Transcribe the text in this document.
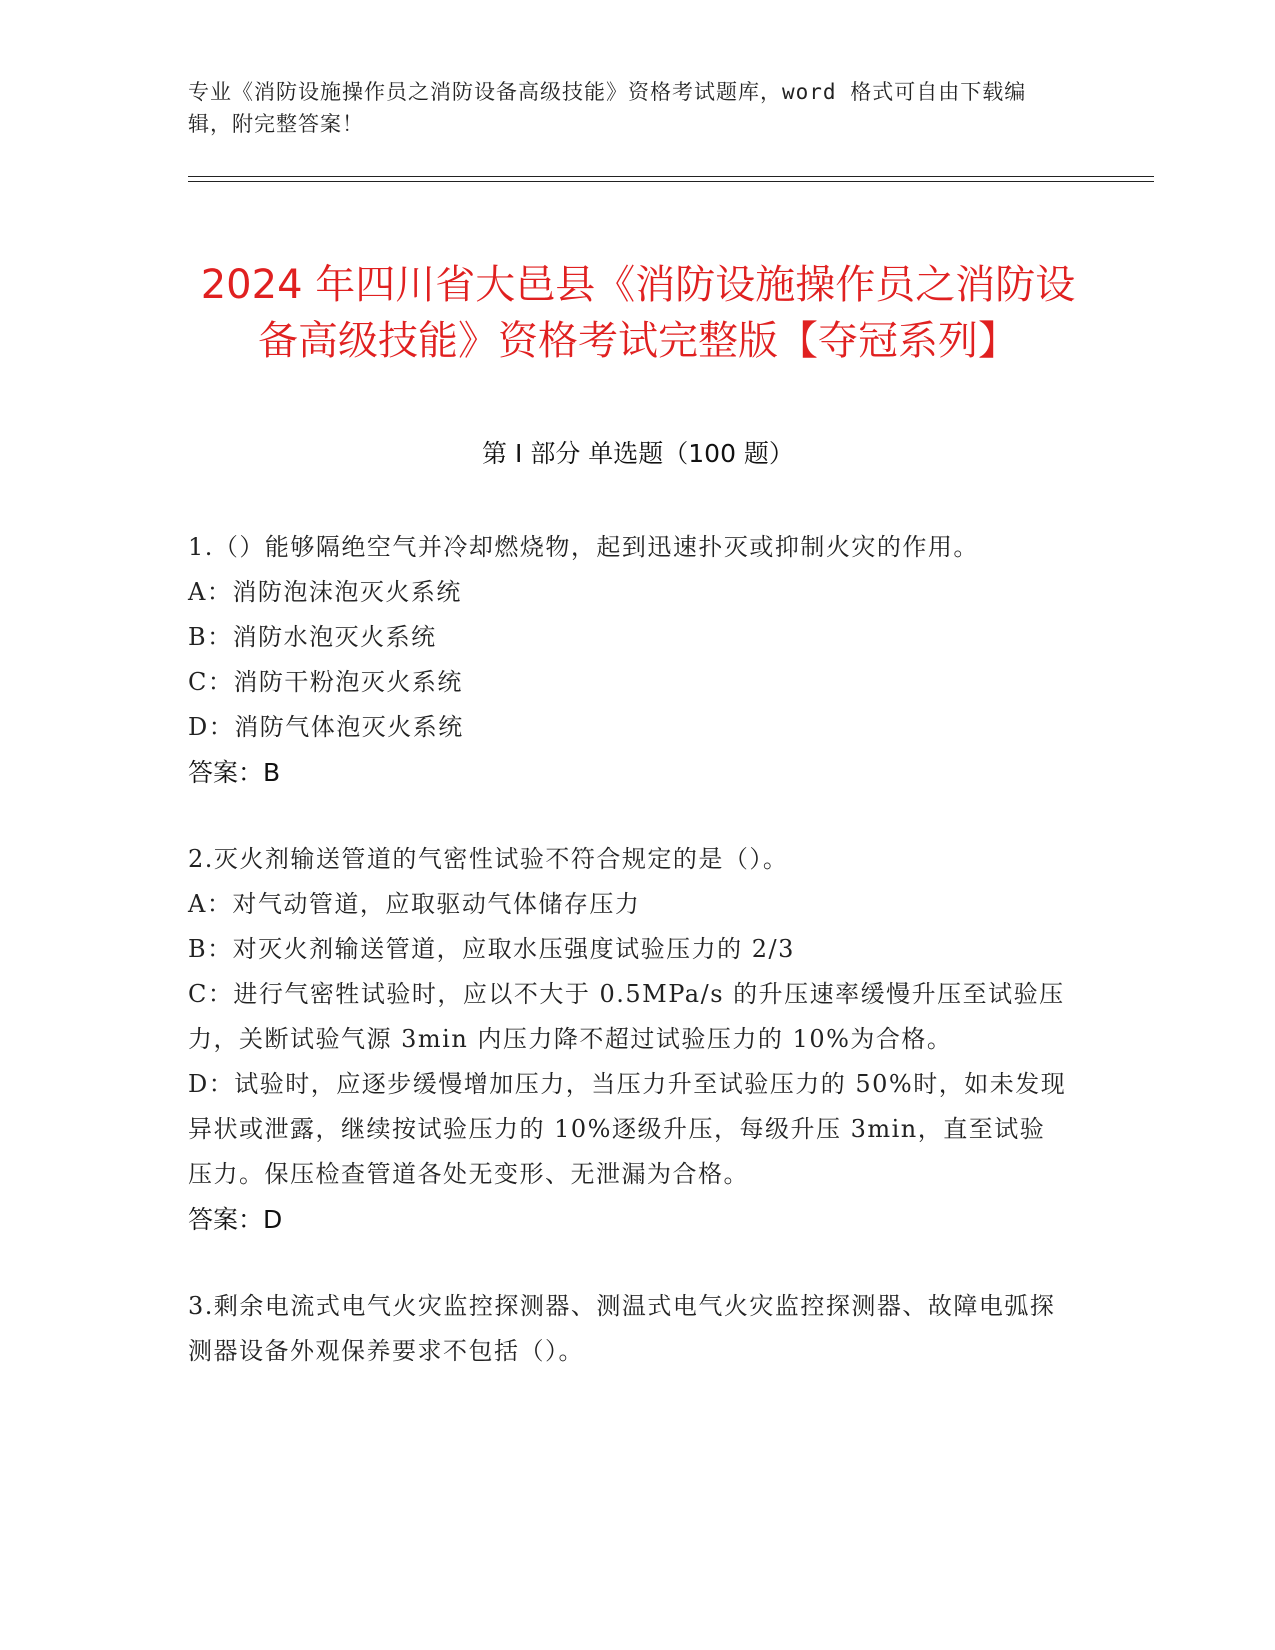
专业《消防设施操作员之消防设备高级技能》资格考试题库，word 格式可自由下载编辑，附完整答案！
2024 年四川省大邑县《消防设施操作员之消防设备高级技能》资格考试完整版【夺冠系列】
第 I 部分 单选题（100 题）

1.（）能够隔绝空气并冷却燃烧物，起到迅速扑灭或抑制火灾的作用。

A：消防泡沫泡灭火系统

B：消防水泡灭火系统

C：消防干粉泡灭火系统

D：消防气体泡灭火系统

答案：B

2.灭火剂输送管道的气密性试验不符合规定的是（）。

A：对气动管道，应取驱动气体储存压力

B：对灭火剂输送管道，应取水压强度试验压力的 2/3

C：进行气密牲试验时，应以不大于 0.5MPa/s 的升压速率缓慢升压至试验压力，关断试验气源 3min 内压力降不超过试验压力的 10%为合格。

D：试验时，应逐步缓慢增加压力，当压力升至试验压力的 50%时，如未发现异状或泄露，继续按试验压力的 10%逐级升压，每级升压 3min，直至试验压力。保压检查管道各处无变形、无泄漏为合格。

答案：D

3.剩余电流式电气火灾监控探测器、测温式电气火灾监控探测器、故障电弧探测器设备外观保养要求不包括（）。
